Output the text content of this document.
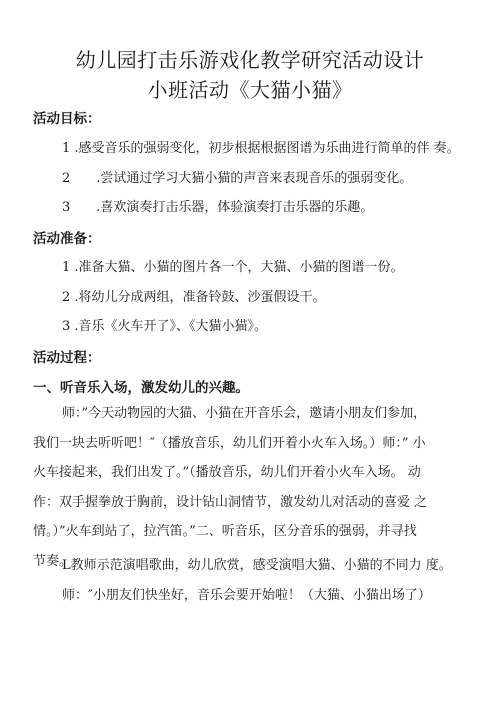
幼儿园打击乐游戏化教学研究活动设计
小班活动《大猫小猫》
活动目标：
1 .感受音乐的强弱变化，初步根据根据图谱为乐曲进行简单的伴 奏。
2　　.尝试通过学习大猫小猫的声音来表现音乐的强弱变化。
3　　.喜欢演奏打击乐器，体验演奏打击乐器的乐趣。
活动准备：
1 .准备大猫、小猫的图片各一个，大猫、小猫的图谱一份。
2 .将幼儿分成两组，准备铃鼓、沙蛋假设干。
3 .音乐《火车开了》、《大猫小猫》。
活动过程：
一、听音乐入场，激发幼儿的兴趣。
师：”今天动物园的大猫、小猫在开音乐会，邀请小朋友们参加，
我们一块去听听吧！″（播放音乐，幼儿们开着小火车入场。）师：” 小
火车接起来，我们出发了。”（播放音乐，幼儿们开着小火车入场。 动
作：双手握拳放于胸前，设计钻山洞情节，激发幼儿对活动的喜爱 之
情。）”火车到站了，拉汽笛。”二、听音乐，区分音乐的强弱，并寻找
节奏。
L教师示范演唱歌曲，幼儿欣赏，感受演唱大猫、小猫的不同力 度。
师：″小朋友们快坐好，音乐会要开始啦！（大猫、小猫出场了）
